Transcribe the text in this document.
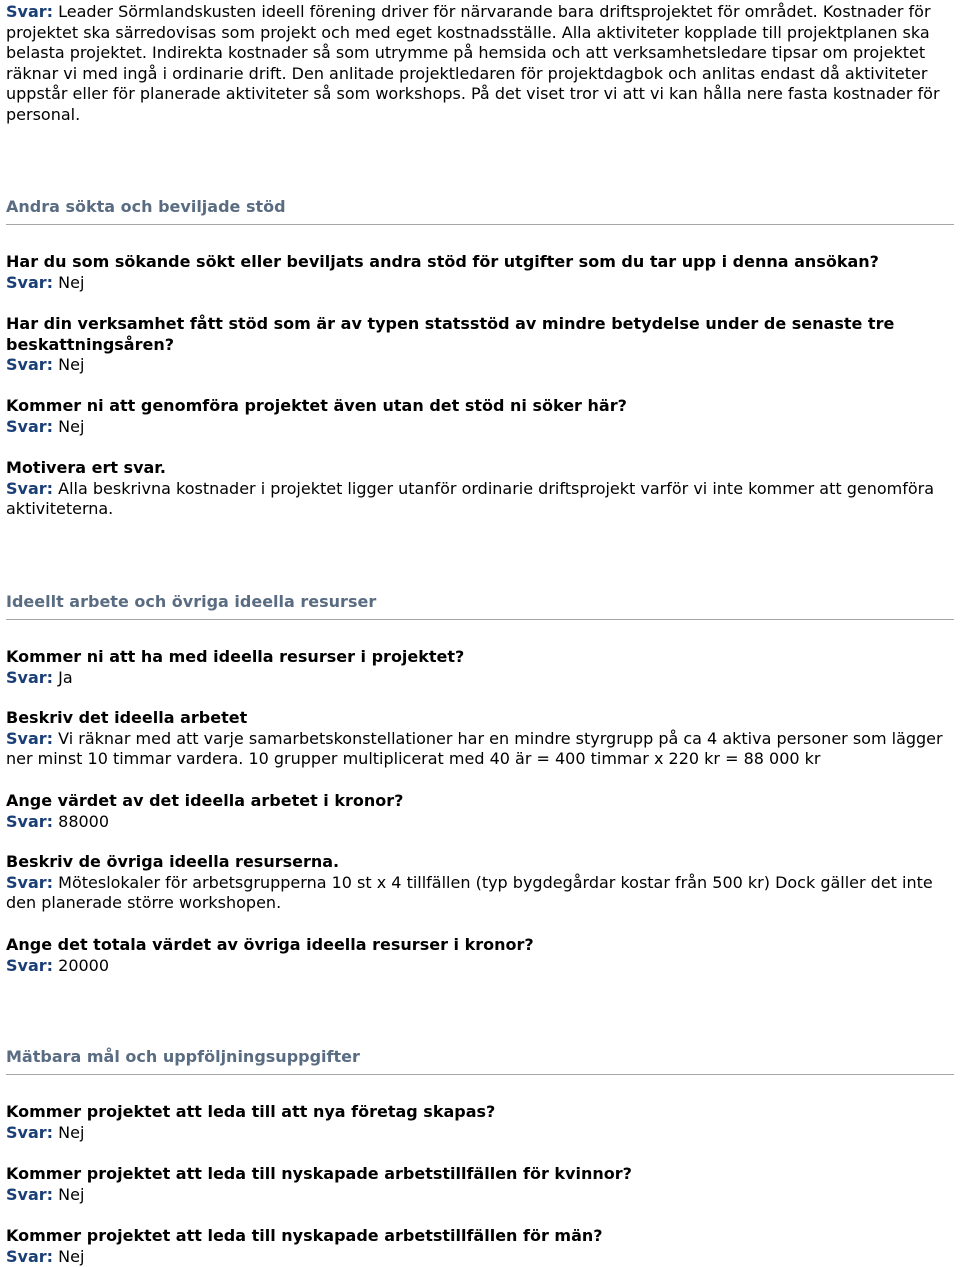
Svar: Leader Sörmlandskusten ideell förening driver för närvarande bara driftsprojektet för området. Kostnader för projektet ska särredovisas som projekt och med eget kostnadsställe. Alla aktiviteter kopplade till projektplanen ska belasta projektet. Indirekta kostnader så som utrymme på hemsida och att verksamhetsledare tipsar om projektet räknar vi med ingå i ordinarie drift. Den anlitade projektledaren för projektdagbok och anlitas endast då aktiviteter uppstår eller för planerade aktiviteter så som workshops. På det viset tror vi att vi kan hålla nere fasta kostnader för personal.
Andra sökta och beviljade stöd
Har du som sökande sökt eller beviljats andra stöd för utgifter som du tar upp i denna ansökan?
Svar: Nej
Har din verksamhet fått stöd som är av typen statsstöd av mindre betydelse under de senaste tre beskattningsåren?
Svar: Nej
Kommer ni att genomföra projektet även utan det stöd ni söker här?
Svar: Nej
Motivera ert svar.
Svar: Alla beskrivna kostnader i projektet ligger utanför ordinarie driftsprojekt varför vi inte kommer att genomföra aktiviteterna.
Ideellt arbete och övriga ideella resurser
Kommer ni att ha med ideella resurser i projektet?
Svar: Ja
Beskriv det ideella arbetet
Svar: Vi räknar med att varje samarbetskonstellationer har en mindre styrgrupp på ca 4 aktiva personer som lägger ner minst 10 timmar vardera. 10 grupper multiplicerat med 40 är = 400 timmar x 220 kr = 88 000 kr
Ange värdet av det ideella arbetet i kronor?
Svar: 88000
Beskriv de övriga ideella resurserna.
Svar: Möteslokaler för arbetsgrupperna 10 st x 4 tillfällen (typ bygdegårdar kostar från 500 kr) Dock gäller det inte den planerade större workshopen.
Ange det totala värdet av övriga ideella resurser i kronor?
Svar: 20000
Mätbara mål och uppföljningsuppgifter
Kommer projektet att leda till att nya företag skapas?
Svar: Nej
Kommer projektet att leda till nyskapade arbetstillfällen för kvinnor?
Svar: Nej
Kommer projektet att leda till nyskapade arbetstillfällen för män?
Svar: Nej
